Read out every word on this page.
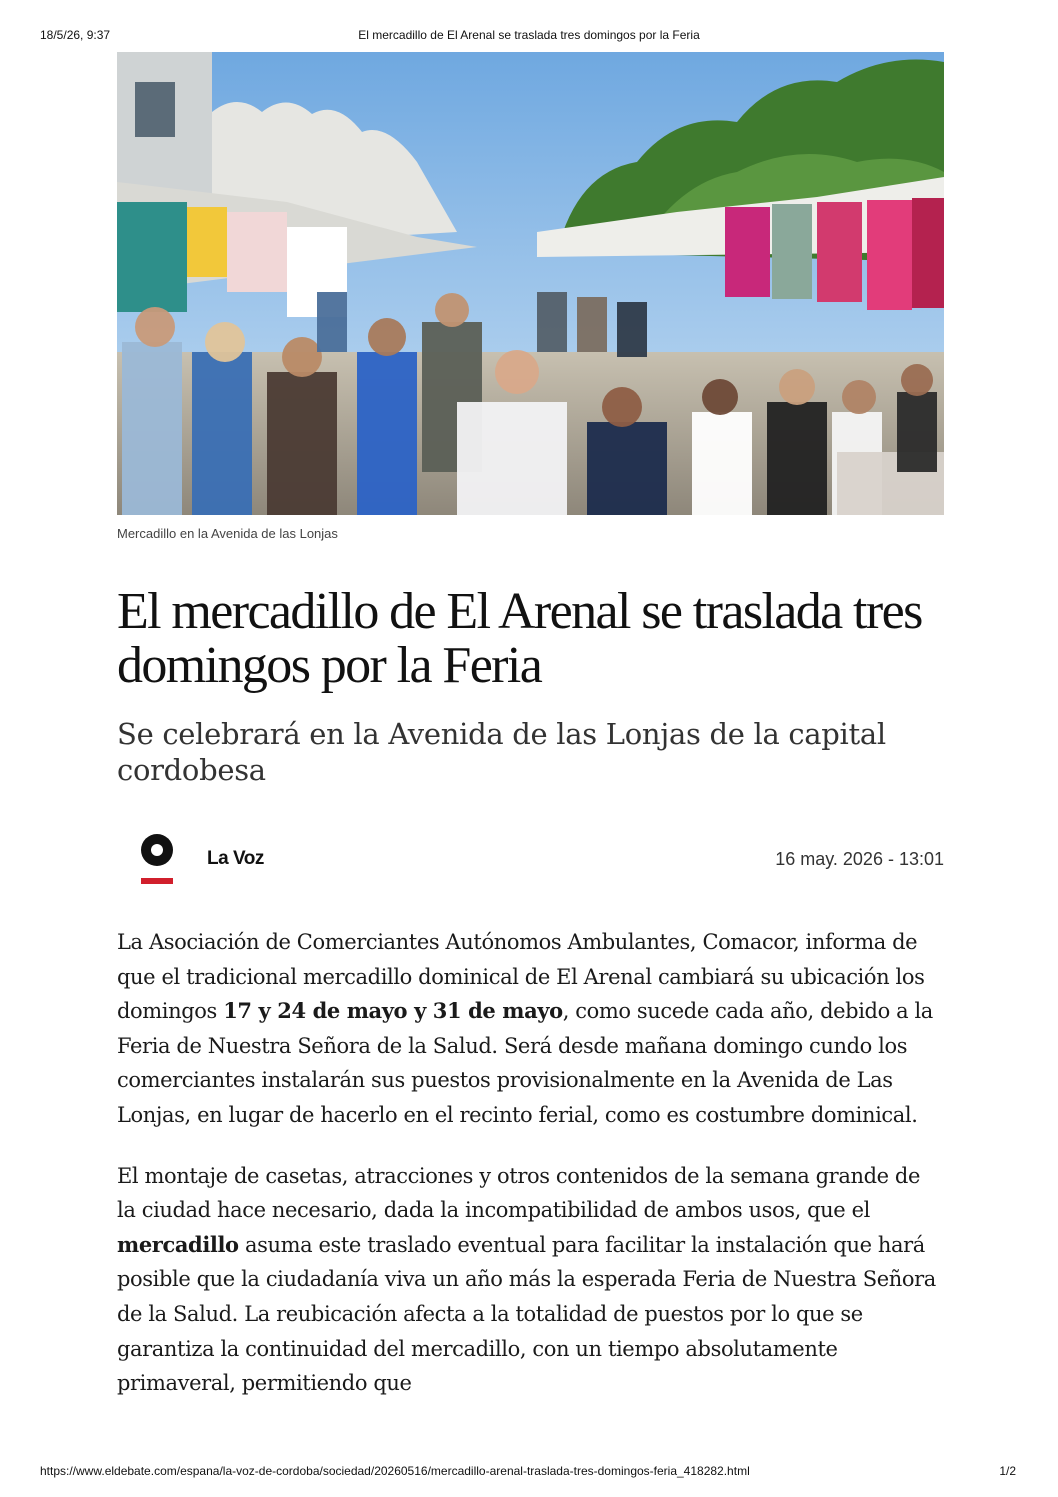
18/5/26, 9:37	El mercadillo de El Arenal se traslada tres domingos por la Feria
Mercadillo en la Avenida de las Lonjas
El mercadillo de El Arenal se traslada tres domingos por la Feria
Se celebrará en la Avenida de las Lonjas de la capital cordobesa
La Voz	16 may. 2026 - 13:01

La Asociación de Comerciantes Autónomos Ambulantes, Comacor, informa de que el tradicional mercadillo dominical de El Arenal cambiará su ubicación los domingos 17 y 24 de mayo y 31 de mayo, como sucede cada año, debido a la Feria de Nuestra Señora de la Salud. Será desde mañana domingo cundo los comerciantes instalarán sus puestos provisionalmente en la Avenida de Las Lonjas, en lugar de hacerlo en el recinto ferial, como es costumbre dominical.

El montaje de casetas, atracciones y otros contenidos de la semana grande de la ciudad hace necesario, dada la incompatibilidad de ambos usos, que el mercadillo asuma este traslado eventual para facilitar la instalación que hará posible que la ciudadanía viva un año más la esperada Feria de Nuestra Señora de la Salud. La reubicación afecta a la totalidad de puestos por lo que se garantiza la continuidad del mercadillo, con un tiempo absolutamente primaveral, permitiendo que

https://www.eldebate.com/espana/la-voz-de-cordoba/sociedad/20260516/mercadillo-arenal-traslada-tres-domingos-feria_418282.html	1/2
